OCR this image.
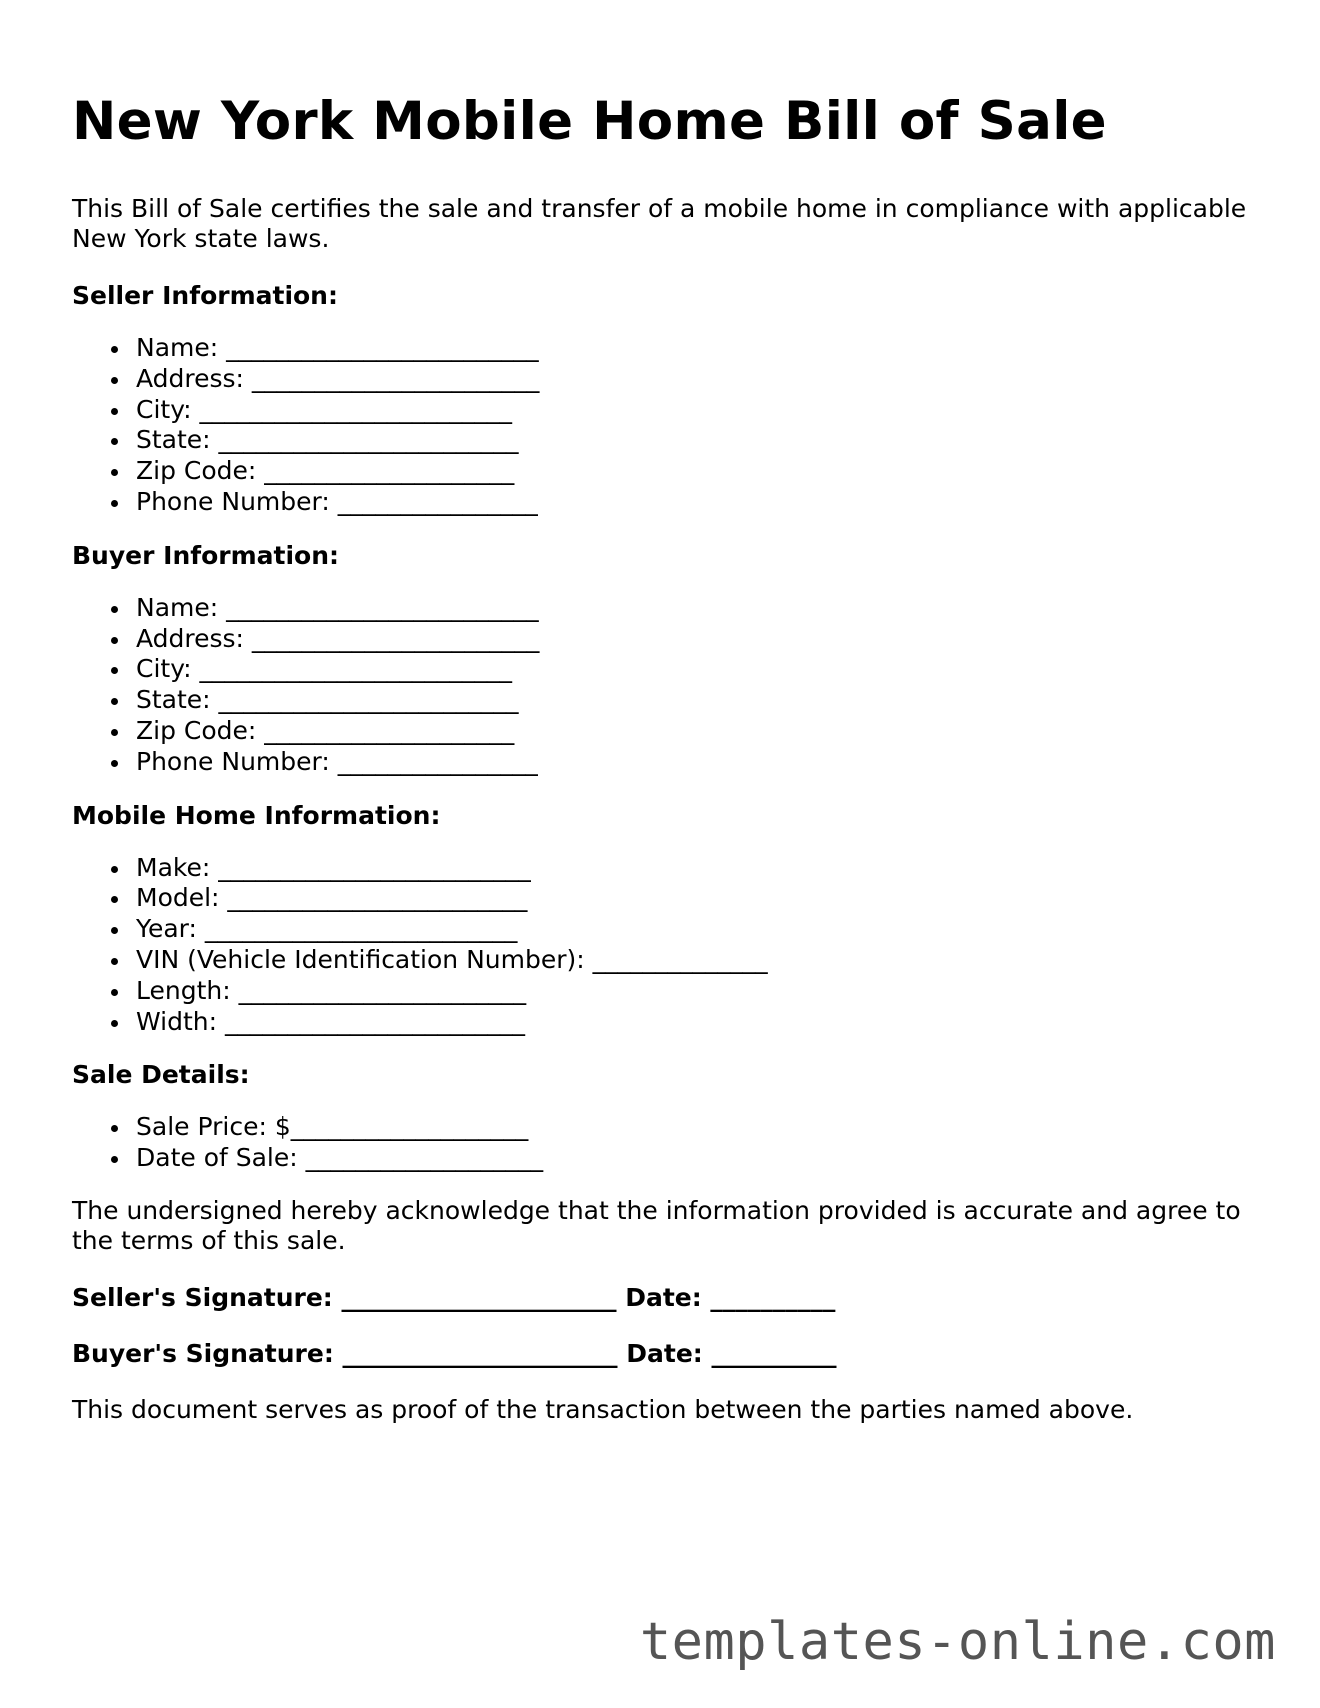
New York Mobile Home Bill of Sale

This Bill of Sale certifies the sale and transfer of a mobile home in compliance with applicable New York state laws.

Seller Information:

Name: _________________________
Address: _______________________
City: _________________________
State: ________________________
Zip Code: ____________________
Phone Number: ________________

Buyer Information:

Name: _________________________
Address: _______________________
City: _________________________
State: ________________________
Zip Code: ____________________
Phone Number: ________________

Mobile Home Information:

Make: _________________________
Model: ________________________
Year: _________________________
VIN (Vehicle Identification Number): ______________
Length: _______________________
Width: ________________________

Sale Details:

Sale Price: $___________________
Date of Sale: ___________________

The undersigned hereby acknowledge that the information provided is accurate and agree to the terms of this sale.

Seller's Signature: ______________________ Date: __________

Buyer's Signature: ______________________ Date: __________

This document serves as proof of the transaction between the parties named above.

templates-online.com
